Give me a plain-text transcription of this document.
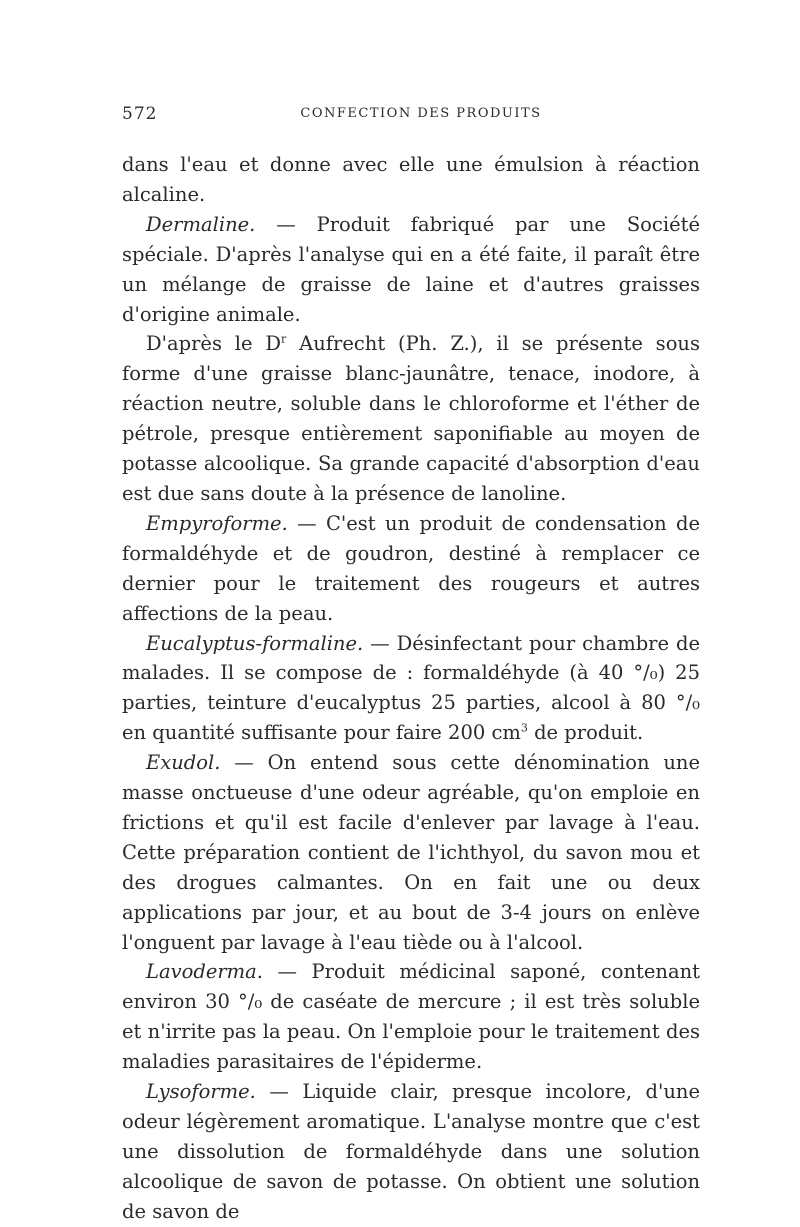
572	CONFECTION DES PRODUITS

dans l'eau et donne avec elle une émulsion à réaction alcaline.

Dermaline. — Produit fabriqué par une Société spéciale. D'après l'analyse qui en a été faite, il paraît être un mélange de graisse de laine et d'autres graisses d'origine animale.

D'après le $D^r$ Aufrecht (Ph. Z.), il se présente sous forme d'une graisse blanc-jaunâtre, tenace, inodore, à réaction neutre, soluble dans le chloroforme et l'éther de pétrole, presque entièrement saponifiable au moyen de potasse alcoolique. Sa grande capacité d'absorption d'eau est due sans doute à la présence de lanoline.

Empyroforme. — C'est un produit de condensation de formaldéhyde et de goudron, destiné à remplacer ce dernier pour le traitement des rougeurs et autres affections de la peau.

Eucalyptus-formaline. — Désinfectant pour chambre de malades. Il se compose de : formaldéhyde (à 40 °/₀) 25 parties, teinture d'eucalyptus 25 parties, alcool à 80 °/₀ en quantité suffisante pour faire 200 $cm^3$ de produit.

Exudol. — On entend sous cette dénomination une masse onctueuse d'une odeur agréable, qu'on emploie en frictions et qu'il est facile d'enlever par lavage à l'eau. Cette préparation contient de l'ichthyol, du savon mou et des drogues calmantes. On en fait une ou deux applications par jour, et au bout de 3-4 jours on enlève l'onguent par lavage à l'eau tiède ou à l'alcool.

Lavoderma. — Produit médicinal saponé, contenant environ 30 °/₀ de caséate de mercure ; il est très soluble et n'irrite pas la peau. On l'emploie pour le traitement des maladies parasitaires de l'épiderme.

Lysoforme. — Liquide clair, presque incolore, d'une odeur légèrement aromatique. L'analyse montre que c'est une dissolution de formaldéhyde dans une solution alcoolique de savon de potasse. On obtient une solution de savon de
